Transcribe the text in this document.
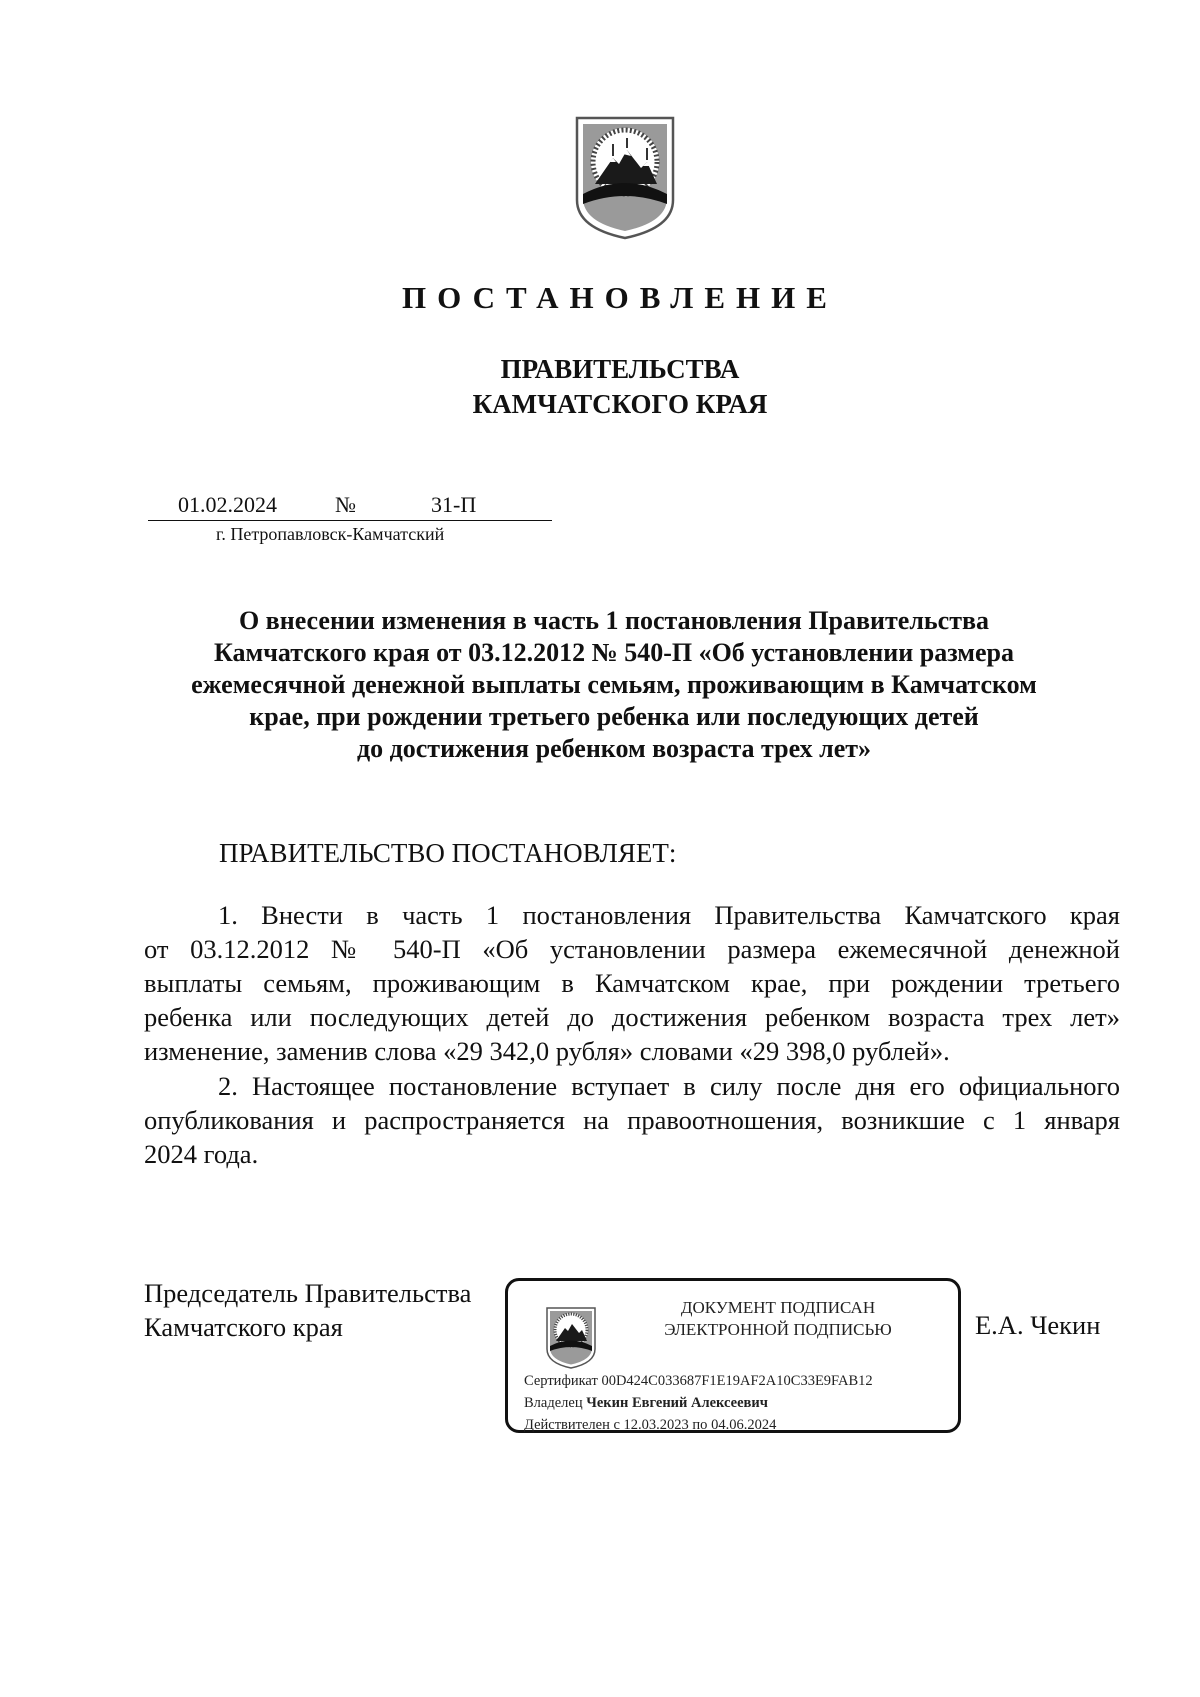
ПОСТАНОВЛЕНИЕ
ПРАВИТЕЛЬСТВА
КАМЧАТСКОГО КРАЯ
01.02.2024	№	31-П
г. Петропавловск-Камчатский
О внесении изменения в часть 1 постановления Правительства
Камчатского края от 03.12.2012 № 540-П «Об установлении размера
ежемесячной денежной выплаты семьям, проживающим в Камчатском
крае, при рождении третьего ребенка или последующих детей
до достижения ребенком возраста трех лет»
ПРАВИТЕЛЬСТВО ПОСТАНОВЛЯЕТ:
1. Внести в часть 1 постановления Правительства Камчатского края
от 03.12.2012 № 540-П «Об установлении размера ежемесячной денежной
выплаты семьям, проживающим в Камчатском крае, при рождении третьего
ребенка или последующих детей до достижения ребенком возраста трех лет»
изменение, заменив слова «29 342,0 рубля» словами «29 398,0 рублей».
2. Настоящее постановление вступает в силу после дня его официального
опубликования и распространяется на правоотношения, возникшие с 1 января
2024 года.
Председатель Правительства
Камчатского края
ДОКУМЕНТ ПОДПИСАН
ЭЛЕКТРОННОЙ ПОДПИСЬЮ
Сертификат 00D424C033687F1E19AF2A10C33E9FAB12
Владелец Чекин Евгений Алексеевич
Действителен с 12.03.2023 по 04.06.2024
Е.А. Чекин
